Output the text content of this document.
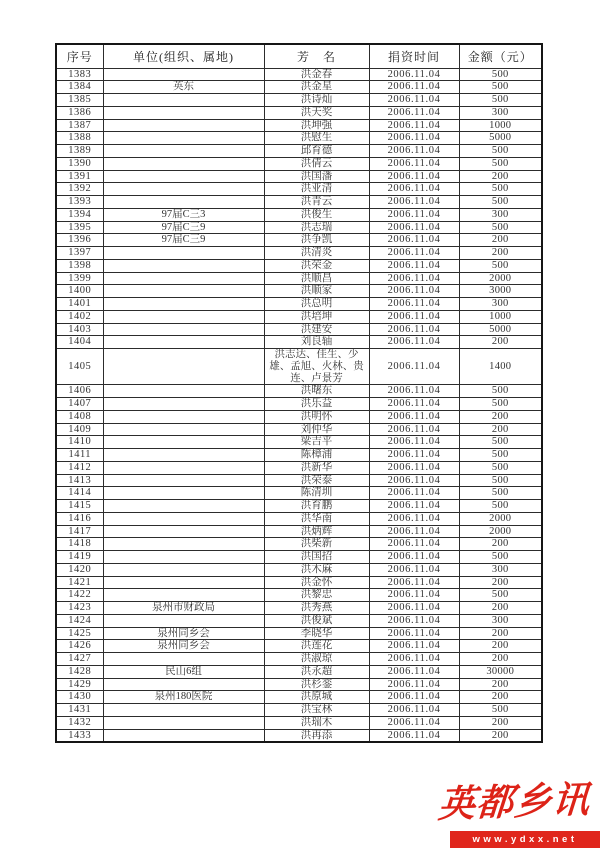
序号	单位(组织、属地)	芳　名	捐资时间	金额（元）
1383		洪金春	2006.11.04	500
1384	英东	洪金星	2006.11.04	500
1385		洪诗灿	2006.11.04	500
1386		洪天奖	2006.11.04	300
1387		洪坤强	2006.11.04	1000
1388		洪慰生	2006.11.04	5000
1389		邱育德	2006.11.04	500
1390		洪倩云	2006.11.04	500
1391		洪国潘	2006.11.04	200
1392		洪亚清	2006.11.04	500
1393		洪青云	2006.11.04	500
1394	97届C三3	洪俊生	2006.11.04	300
1395	97届C三9	洪志瑞	2006.11.04	500
1396	97届C三9	洪争凯	2006.11.04	200
1397		洪清炎	2006.11.04	200
1398		洪荣金	2006.11.04	500
1399		洪顺昌	2006.11.04	2000
1400		洪顺家	2006.11.04	3000
1401		洪总明	2006.11.04	300
1402		洪培坤	2006.11.04	1000
1403		洪建安	2006.11.04	5000
1404		刘良轴	2006.11.04	200
1405		洪志达、佳生、少雄、孟旭、火林、贵连、卢景芳	2006.11.04	1400
1406		洪曙东	2006.11.04	500
1407		洪乐益	2006.11.04	500
1408		洪明怀	2006.11.04	200
1409		刘仲华	2006.11.04	200
1410		梁吉平	2006.11.04	500
1411		陈樟浦	2006.11.04	500
1412		洪新华	2006.11.04	500
1413		洪荣泰	2006.11.04	500
1414		陈清圳	2006.11.04	500
1415		洪育鹏	2006.11.04	500
1416		洪华南	2006.11.04	2000
1417		洪炳辉	2006.11.04	2000
1418		洪柴新	2006.11.04	200
1419		洪国招	2006.11.04	500
1420		洪木麻	2006.11.04	300
1421		洪金怀	2006.11.04	200
1422		洪黎忠	2006.11.04	500
1423	泉州市财政局	洪秀燕	2006.11.04	200
1424		洪俊斌	2006.11.04	300
1425	泉州同乡会	李晓华	2006.11.04	200
1426	泉州同乡会	洪莲花	2006.11.04	200
1427		洪淑琼	2006.11.04	200
1428	民山6组	洪永超	2006.11.04	30000
1429		洪杉銮	2006.11.04	200
1430	泉州180医院	洪原城	2006.11.04	200
1431		洪宝林	2006.11.04	500
1432		洪瑞木	2006.11.04	200
1433		洪再添	2006.11.04	200
英都乡讯
www.ydxx.net
